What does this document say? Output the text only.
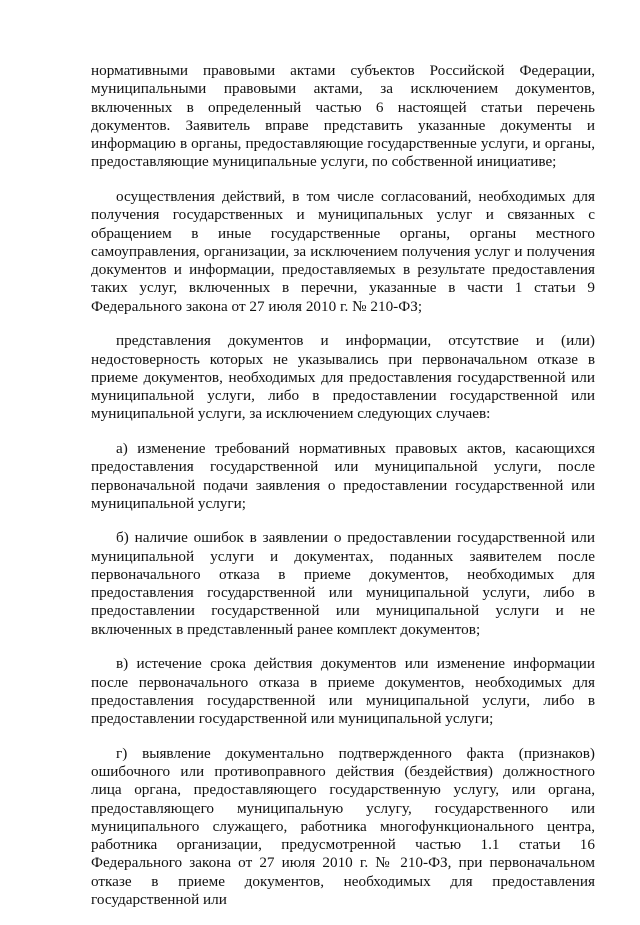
нормативными правовыми актами субъектов Российской Федерации, муниципальными правовыми актами, за исключением документов, включенных в определенный частью 6 настоящей статьи перечень документов. Заявитель вправе представить указанные документы и информацию в органы, предоставляющие государственные услуги, и органы, предоставляющие муниципальные услуги, по собственной инициативе;

осуществления действий, в том числе согласований, необходимых для получения государственных и муниципальных услуг и связанных с обращением в иные государственные органы, органы местного самоуправления, организации, за исключением получения услуг и получения документов и информации, предоставляемых в результате предоставления таких услуг, включенных в перечни, указанные в части 1 статьи 9 Федерального закона от 27 июля 2010 г. № 210-ФЗ;

представления документов и информации, отсутствие и (или) недостоверность которых не указывались при первоначальном отказе в приеме документов, необходимых для предоставления государственной или муниципальной услуги, либо в предоставлении государственной или муниципальной услуги, за исключением следующих случаев:

а) изменение требований нормативных правовых актов, касающихся предоставления государственной или муниципальной услуги, после первоначальной подачи заявления о предоставлении государственной или муниципальной услуги;

б) наличие ошибок в заявлении о предоставлении государственной или муниципальной услуги и документах, поданных заявителем после первоначального отказа в приеме документов, необходимых для предоставления государственной или муниципальной услуги, либо в предоставлении государственной или муниципальной услуги и не включенных в представленный ранее комплект документов;

в) истечение срока действия документов или изменение информации после первоначального отказа в приеме документов, необходимых для предоставления государственной или муниципальной услуги, либо в предоставлении государственной или муниципальной услуги;

г) выявление документально подтвержденного факта (признаков) ошибочного или противоправного действия (бездействия) должностного лица органа, предоставляющего государственную услугу, или органа, предоставляющего муниципальную услугу, государственного или муниципального служащего, работника многофункционального центра, работника организации, предусмотренной частью 1.1 статьи 16 Федерального закона от 27 июля 2010 г. № 210-ФЗ, при первоначальном отказе в приеме документов, необходимых для предоставления государственной или
